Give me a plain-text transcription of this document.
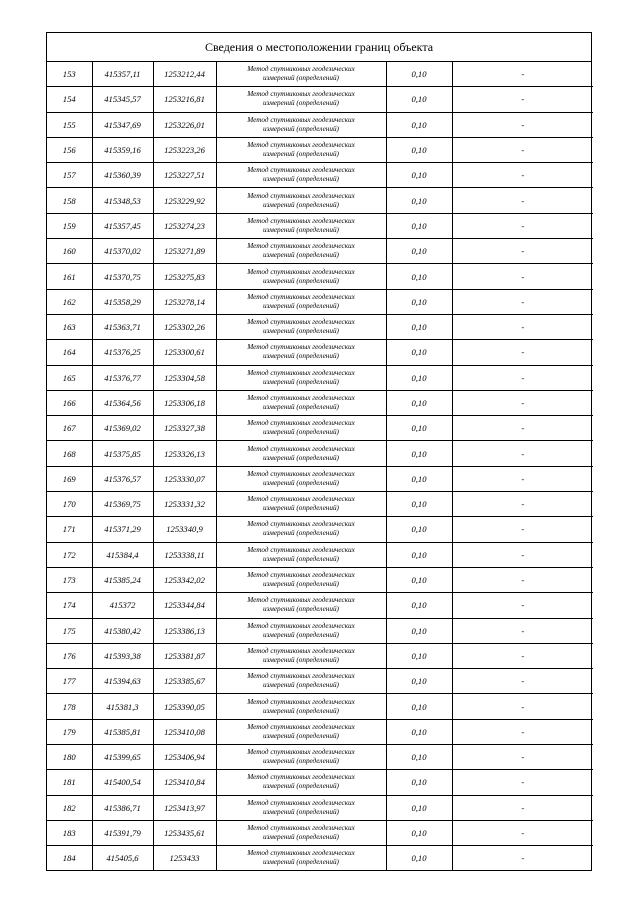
Сведения о местоположении границ объекта
153	415357,11	1253212,44	Метод спутниковых геодезических
измерений (определений)	0,10	-
154	415345,57	1253216,81	Метод спутниковых геодезических
измерений (определений)	0,10	-
155	415347,69	1253226,01	Метод спутниковых геодезических
измерений (определений)	0,10	-
156	415359,16	1253223,26	Метод спутниковых геодезических
измерений (определений)	0,10	-
157	415360,39	1253227,51	Метод спутниковых геодезических
измерений (определений)	0,10	-
158	415348,53	1253229,92	Метод спутниковых геодезических
измерений (определений)	0,10	-
159	415357,45	1253274,23	Метод спутниковых геодезических
измерений (определений)	0,10	-
160	415370,02	1253271,89	Метод спутниковых геодезических
измерений (определений)	0,10	-
161	415370,75	1253275,83	Метод спутниковых геодезических
измерений (определений)	0,10	-
162	415358,29	1253278,14	Метод спутниковых геодезических
измерений (определений)	0,10	-
163	415363,71	1253302,26	Метод спутниковых геодезических
измерений (определений)	0,10	-
164	415376,25	1253300,61	Метод спутниковых геодезических
измерений (определений)	0,10	-
165	415376,77	1253304,58	Метод спутниковых геодезических
измерений (определений)	0,10	-
166	415364,56	1253306,18	Метод спутниковых геодезических
измерений (определений)	0,10	-
167	415369,02	1253327,38	Метод спутниковых геодезических
измерений (определений)	0,10	-
168	415375,85	1253326,13	Метод спутниковых геодезических
измерений (определений)	0,10	-
169	415376,57	1253330,07	Метод спутниковых геодезических
измерений (определений)	0,10	-
170	415369,75	1253331,32	Метод спутниковых геодезических
измерений (определений)	0,10	-
171	415371,29	1253340,9	Метод спутниковых геодезических
измерений (определений)	0,10	-
172	415384,4	1253338,11	Метод спутниковых геодезических
измерений (определений)	0,10	-
173	415385,24	1253342,02	Метод спутниковых геодезических
измерений (определений)	0,10	-
174	415372	1253344,84	Метод спутниковых геодезических
измерений (определений)	0,10	-
175	415380,42	1253386,13	Метод спутниковых геодезических
измерений (определений)	0,10	-
176	415393,38	1253381,87	Метод спутниковых геодезических
измерений (определений)	0,10	-
177	415394,63	1253385,67	Метод спутниковых геодезических
измерений (определений)	0,10	-
178	415381,3	1253390,05	Метод спутниковых геодезических
измерений (определений)	0,10	-
179	415385,81	1253410,08	Метод спутниковых геодезических
измерений (определений)	0,10	-
180	415399,65	1253406,94	Метод спутниковых геодезических
измерений (определений)	0,10	-
181	415400,54	1253410,84	Метод спутниковых геодезических
измерений (определений)	0,10	-
182	415386,71	1253413,97	Метод спутниковых геодезических
измерений (определений)	0,10	-
183	415391,79	1253435,61	Метод спутниковых геодезических
измерений (определений)	0,10	-
184	415405,6	1253433	Метод спутниковых геодезических
измерений (определений)	0,10	-
